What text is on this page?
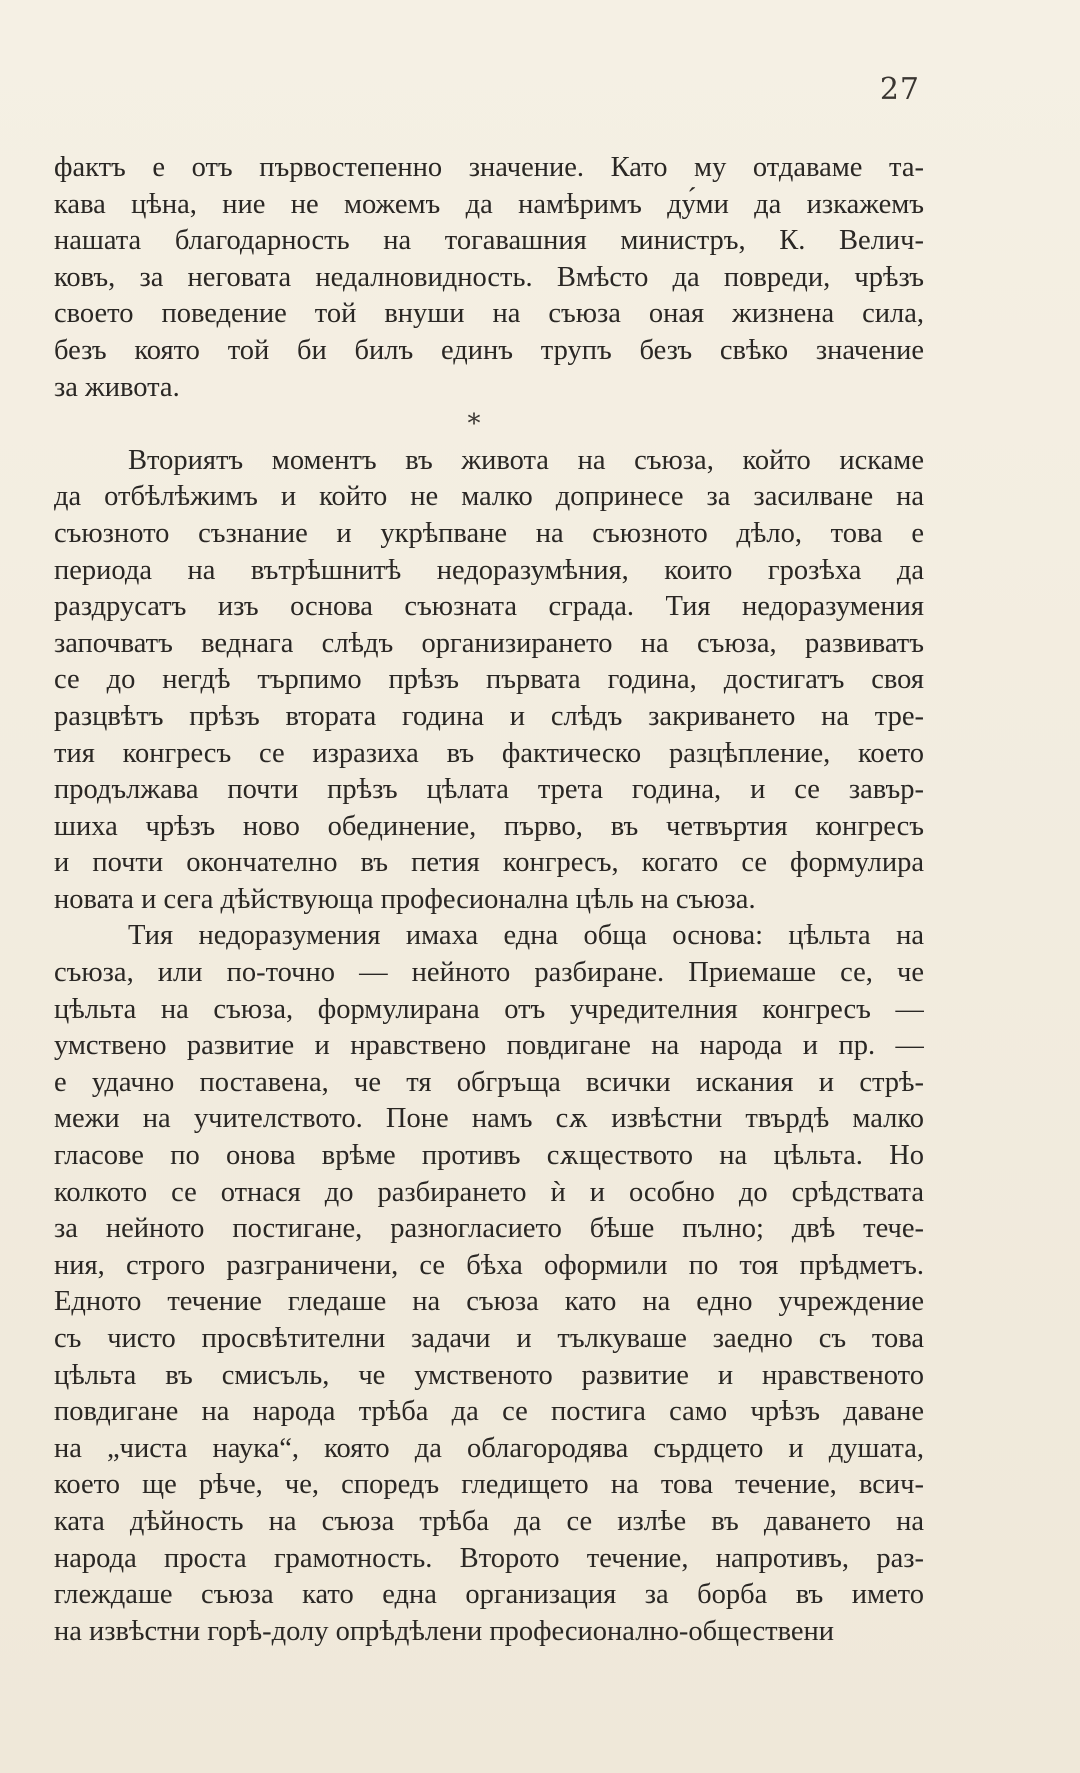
27
фактъ е отъ първостепенно значение. Като му отдаваме та-
кава цѣна, ние не можемъ да намѣримъ ду́ми да изкажемъ
нашата благодарность на тогавашния министръ, К. Велич-
ковъ, за неговата недалновидность. Вмѣсто да повреди, чрѣзъ
своето поведение той внуши на съюза оная жизнена сила,
безъ която той би билъ единъ трупъ безъ свѣко значение
за живота.
*
Вториятъ моментъ въ живота на съюза, който искаме
да отбѣлѣжимъ и който не малко допринесе за засилване на
съюзното съзнание и укрѣпване на съюзното дѣло, това е
периода на вътрѣшнитѣ недоразумѣния, които грозѣха да
раздрусатъ изъ основа съюзната сграда. Тия недоразумения
започватъ веднага слѣдъ организирането на съюза, развиватъ
се до негдѣ търпимо прѣзъ първата година, достигатъ своя
разцвѣтъ прѣзъ втората година и слѣдъ закриването на тре-
тия конгресъ се изразиха въ фактическо разцѣпление, което
продължава почти прѣзъ цѣлата трета година, и се завър-
шиха чрѣзъ ново обединение, първо, въ четвъртия конгресъ
и почти окончателно въ петия конгресъ, когато се формулира
новата и сега дѣйствующа професионална цѣль на съюза.
Тия недоразумения имаха една обща основа: цѣльта на
съюза, или по-точно — нейното разбиране. Приемаше се, че
цѣльта на съюза, формулирана отъ учредителния конгресъ —
умствено развитие и нравствено повдигане на народа и пр. —
е удачно поставена, че тя обгръща всички искания и стрѣ-
межи на учителството. Поне намъ сѫ извѣстни твърдѣ малко
гласове по онова врѣме противъ сѫществото на цѣльта. Но
колкото се отнася до разбирането ѝ и особно до срѣдствата
за нейното постигане, разногласието бѣше пълно; двѣ тече-
ния, строго разграничени, се бѣха оформили по тоя прѣдметъ.
Едното течение гледаше на съюза като на едно учреждение
съ чисто просвѣтителни задачи и тълкуваше заедно съ това
цѣльта въ смисъль, че умственото развитие и нравственото
повдигане на народа трѣба да се постига само чрѣзъ даване
на „чиста наука“, която да облагородява сърдцето и душата,
което ще рѣче, че, споредъ гледището на това течение, всич-
ката дѣйность на съюза трѣба да се излѣе въ даването на
народа проста грамотность. Второто течение, напротивъ, раз-
глеждаше съюза като една организация за борба въ името
на извѣстни горѣ-долу опрѣдѣлени професионално-обществени
